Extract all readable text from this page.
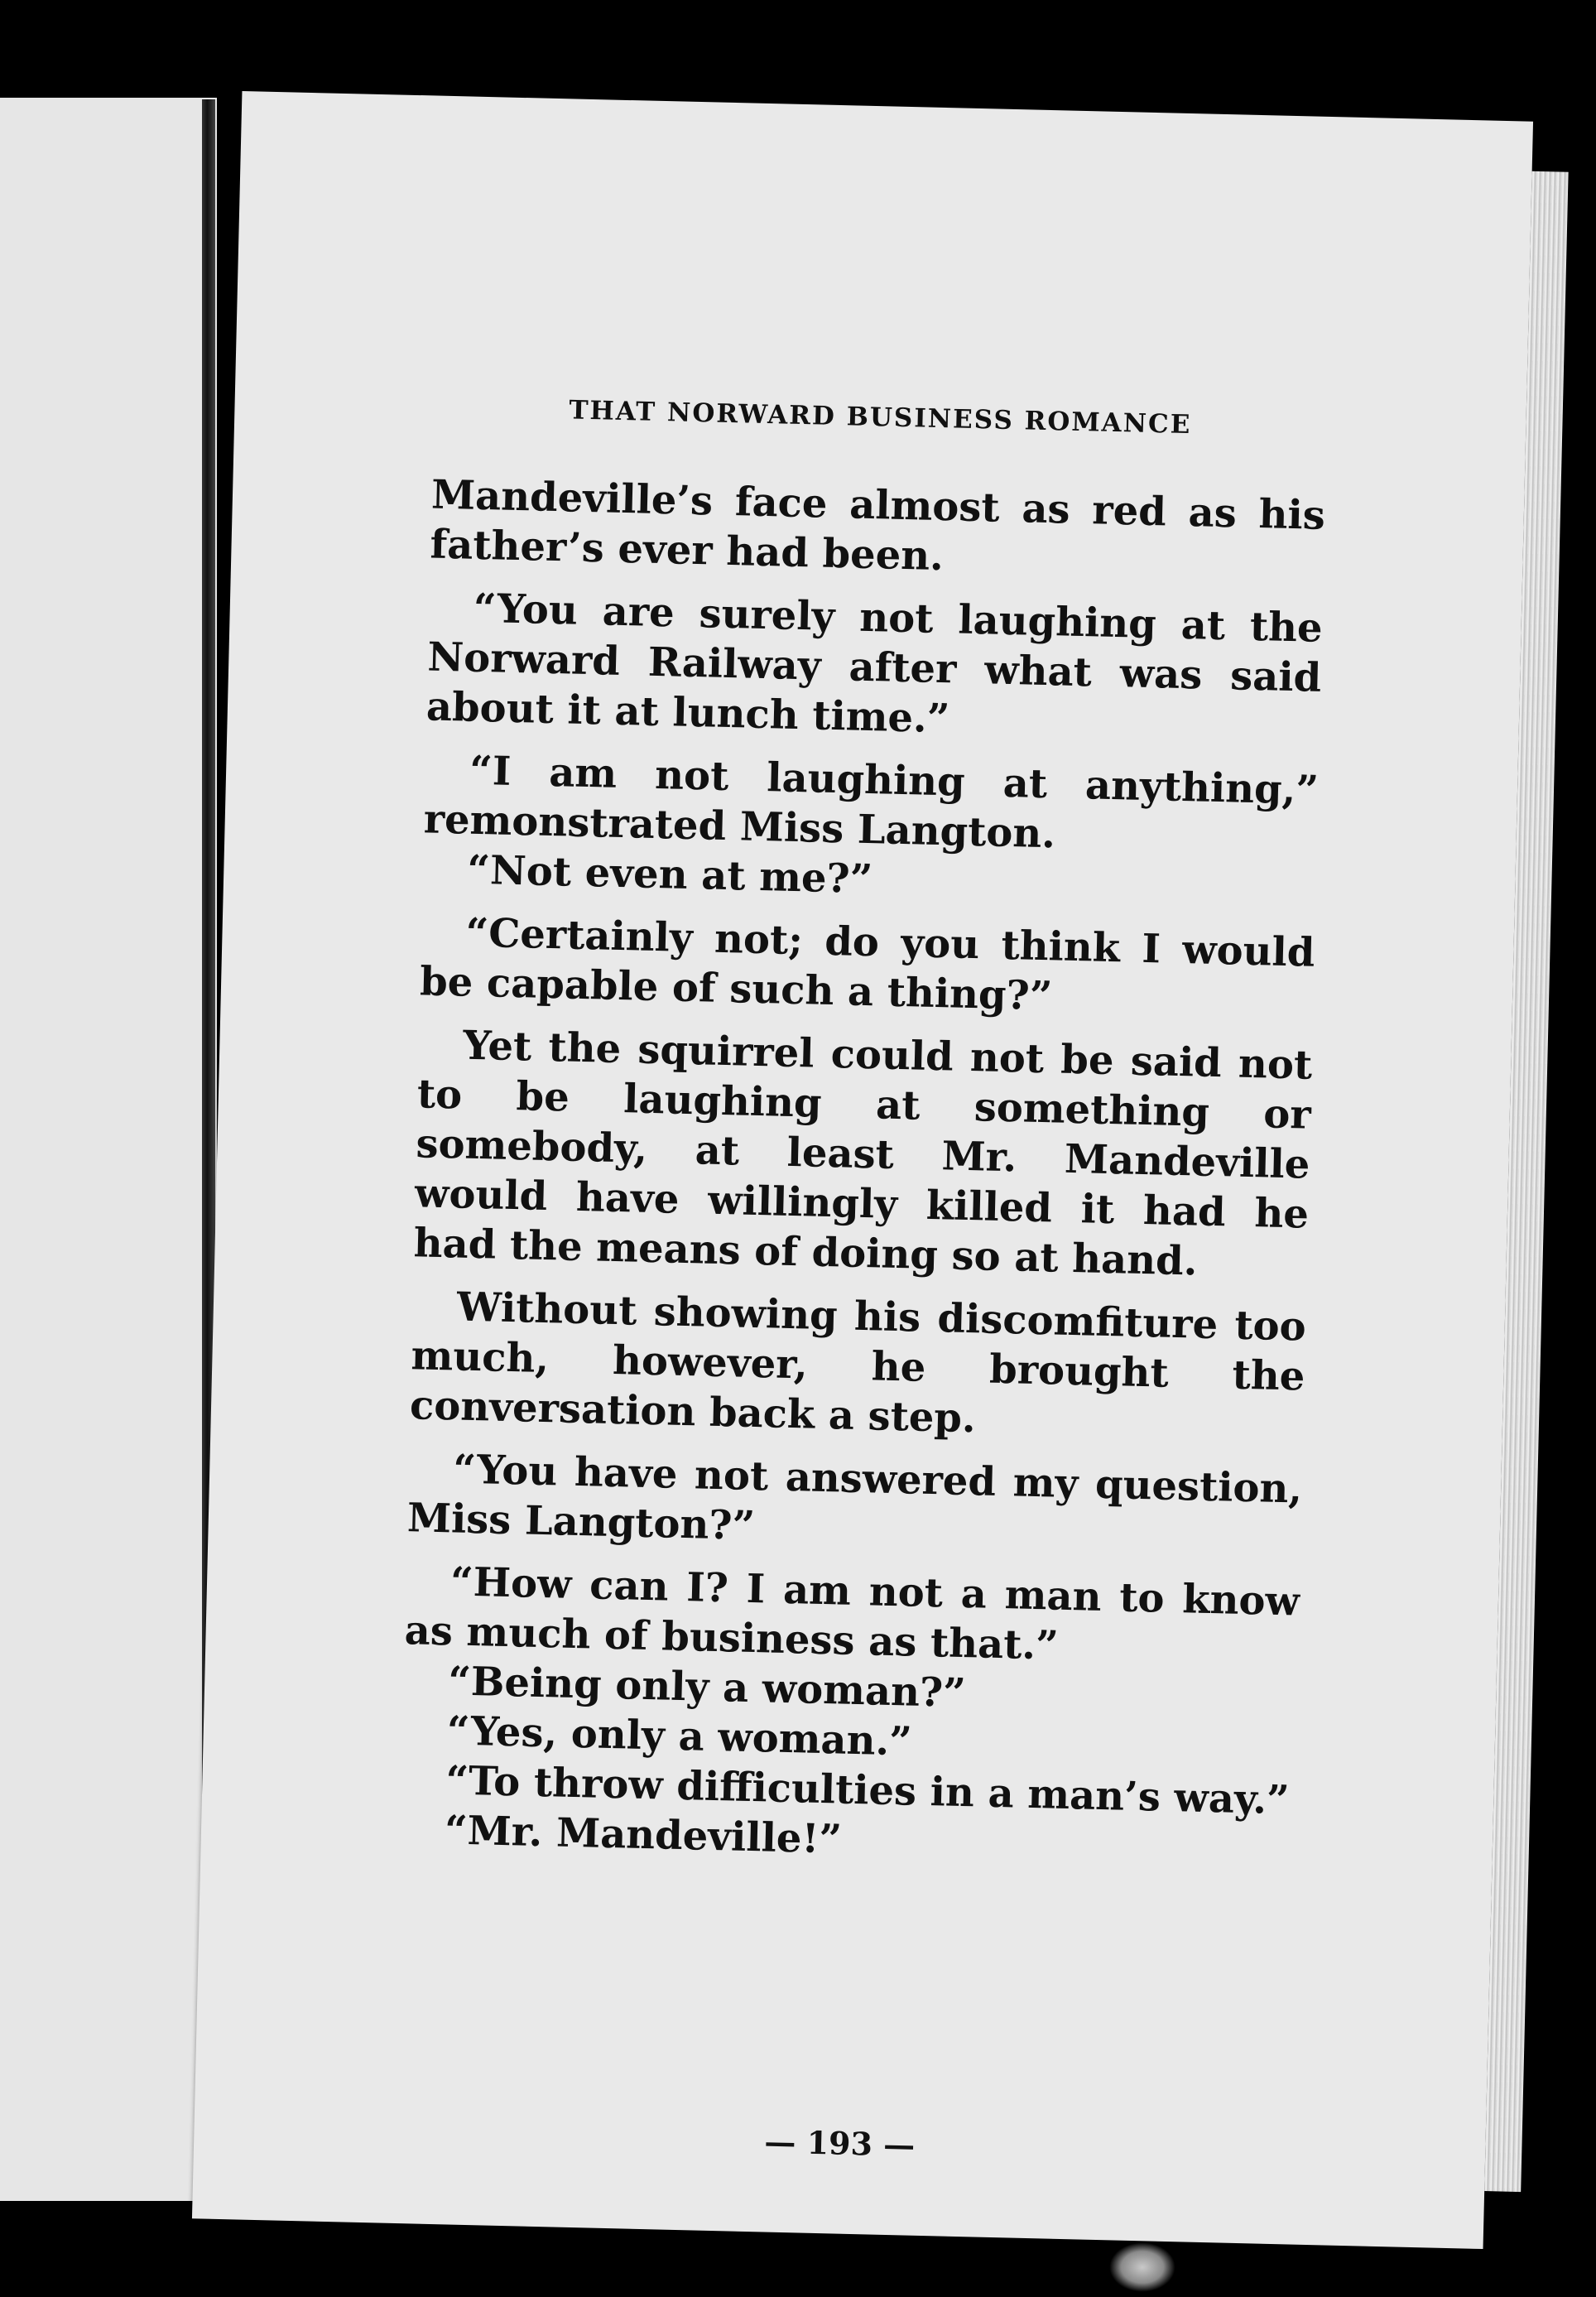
THAT NORWARD BUSINESS ROMANCE

Mandeville’s face almost as red as his father’s ever had been.

“You are surely not laughing at the Norward Railway after what was said about it at lunch time.”

“I am not laughing at anything,” remonstrated Miss Langton.

“Not even at me?”

“Certainly not; do you think I would be capable of such a thing?”

Yet the squirrel could not be said not to be laughing at something or somebody, at least Mr. Mandeville would have willingly killed it had he had the means of doing so at hand.

Without showing his discomfiture too much, however, he brought the conversation back a step.

“You have not answered my question, Miss Langton?”

“How can I? I am not a man to know as much of business as that.”

“Being only a woman?”

“Yes, only a woman.”

“To throw difficulties in a man’s way.”

“Mr. Mandeville!”

— 193 —
